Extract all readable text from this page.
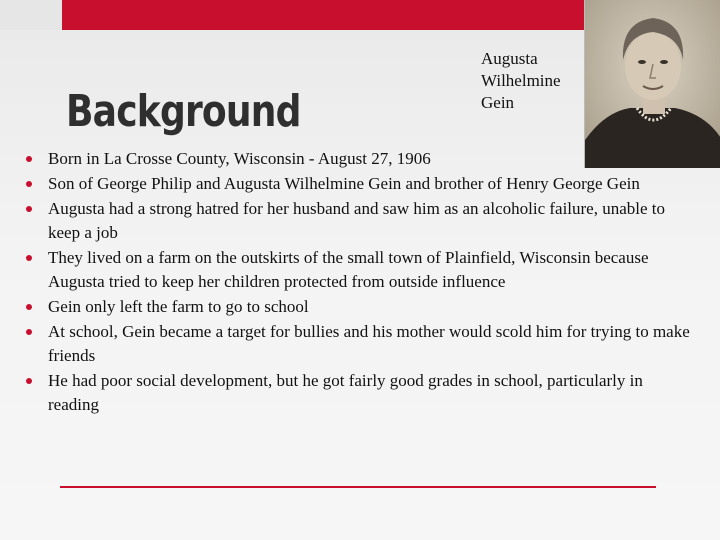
Background
Augusta
Wilhelmine
Gein
Born in La Crosse County, Wisconsin - August 27, 1906
Son of George Philip and Augusta Wilhelmine Gein and brother of Henry George Gein
Augusta had a strong hatred for her husband and saw him as an alcoholic failure, unable to keep a job
They lived on a farm on the outskirts of the small town of Plainfield, Wisconsin because Augusta tried to keep her children protected from outside influence
Gein only left the farm to go to school
At school, Gein became a target for bullies and his mother would scold him for trying to make friends
He had poor social development, but he got fairly good grades in school, particularly in reading
